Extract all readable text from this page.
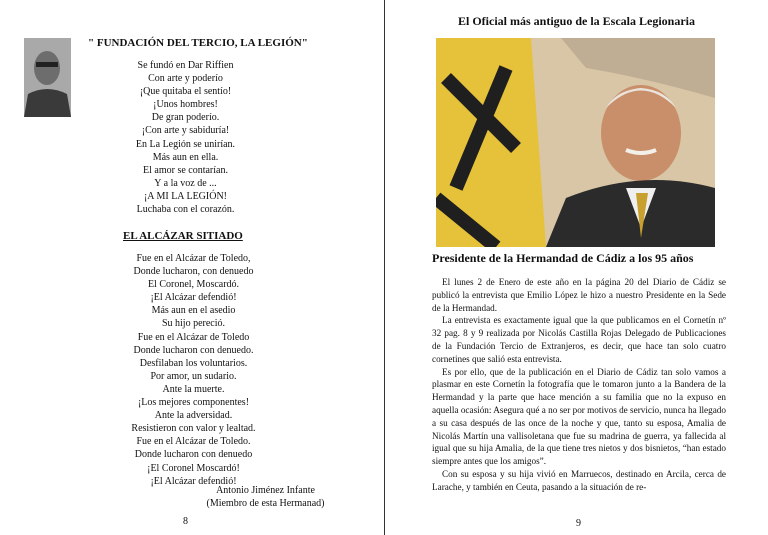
" FUNDACIÓN DEL TERCIO, LA LEGIÓN"
Se fundó en Dar Riffien
Con arte y poderío
¡Que quitaba el sentío!
¡Unos hombres!
De gran poderío.
¡Con arte y sabiduría!
En La Legión se unirían.
Más aun en ella.
El amor se contarían.
Y a la voz de ...
¡A MI LA LEGIÓN!
Luchaba con el corazón.
EL ALCÁZAR SITIADO
Fue en el Alcázar de Toledo,
Donde lucharon, con denuedo
El Coronel, Moscardó.
¡El Alcázar defendió!
Más aun en el asedio
Su hijo pereció.
Fue en el Alcázar de Toledo
Donde lucharon con denuedo.
Desfilaban los voluntarios.
Por amor, un sudario.
Ante la muerte.
¡Los mejores componentes!
Ante la adversidad.
Resistieron con valor y lealtad.
Fue en el Alcázar de Toledo.
Donde lucharon con denuedo
¡El Coronel Moscardó!
¡El Alcázar defendió!
Antonio Jiménez Infante
(Miembro de esta Hermanad)
8
El Oficial más antiguo de la Escala Legionaria
Presidente de la Hermandad de Cádiz a los 95 años

El lunes 2 de Enero de este año en la página 20 del Diario de Cádiz se publicó la entrevista que Emilio López le hizo a nuestro Presidente en la Sede de la Hermandad.

La entrevista es exactamente igual que la que publicamos en el Cornetín nº 32 pag. 8 y 9 realizada por Nicolás Castilla Rojas Delegado de Publicaciones de la Fundación Tercio de Extranjeros, es decir, que hace tan solo cuatro cornetines que salió esta entrevista.

Es por ello, que de la publicación en el Diario de Cádiz tan solo vamos a plasmar en este Cornetín la fotografía que le tomaron junto a la Bandera de la Hermandad y la parte que hace mención a su familia que no la expuso en aquella ocasión: Asegura qué a no ser por motivos de servicio, nunca ha llegado a su casa después de las once de la noche y que, tanto su esposa, Amalia de Nicolás Martín una vallisoletana que fue su madrina de guerra, ya fallecida al igual que su hija Amalia, de la que tiene tres nietos y dos bisnietos, “han estado siempre antes que los amigos”.

Con su esposa y su hija vivió en Marruecos, destinado en Arcila, cerca de Larache, y también en Ceuta, pasando a la situación de re-

9
